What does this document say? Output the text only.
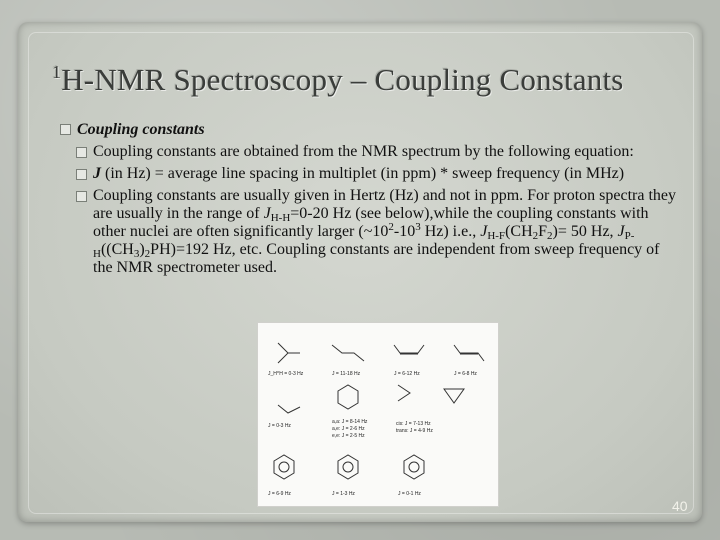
$^1$H-NMR Spectroscopy – Coupling Constants
Coupling constants
Coupling constants are obtained from the NMR spectrum by the following equation:
J (in Hz) = average line spacing in multiplet (in ppm) * sweep frequency (in MHz)
Coupling constants are usually given in Hertz (Hz) and not in ppm. For proton spectra they are usually in the range of $J_{H-H}=0-20$ Hz (see below),while the coupling constants with other nuclei are often significantly larger ($\sim 10^2-10^3$ Hz) i.e., $J_{H-F}(CH_2F_2)= 50$ Hz, $J_{P-H}((CH_3)_2PH)=192$ Hz, etc. Coupling constants are independent from sweep frequency of the NMR spectrometer used.
J_H^H = 0-3 Hz	J = 11-18 Hz	J = 6-12 Hz	J = 6-8 Hz
J = 0-3 Hz
a,a: J = 8-14 Hz
a,e: J = 2-6 Hz
e,e: J = 2-5 Hz
cis: J = 7-13 Hz
trans: J = 4-9 Hz
J = 6-9 Hz	J = 1-3 Hz	J = 0-1 Hz
40
